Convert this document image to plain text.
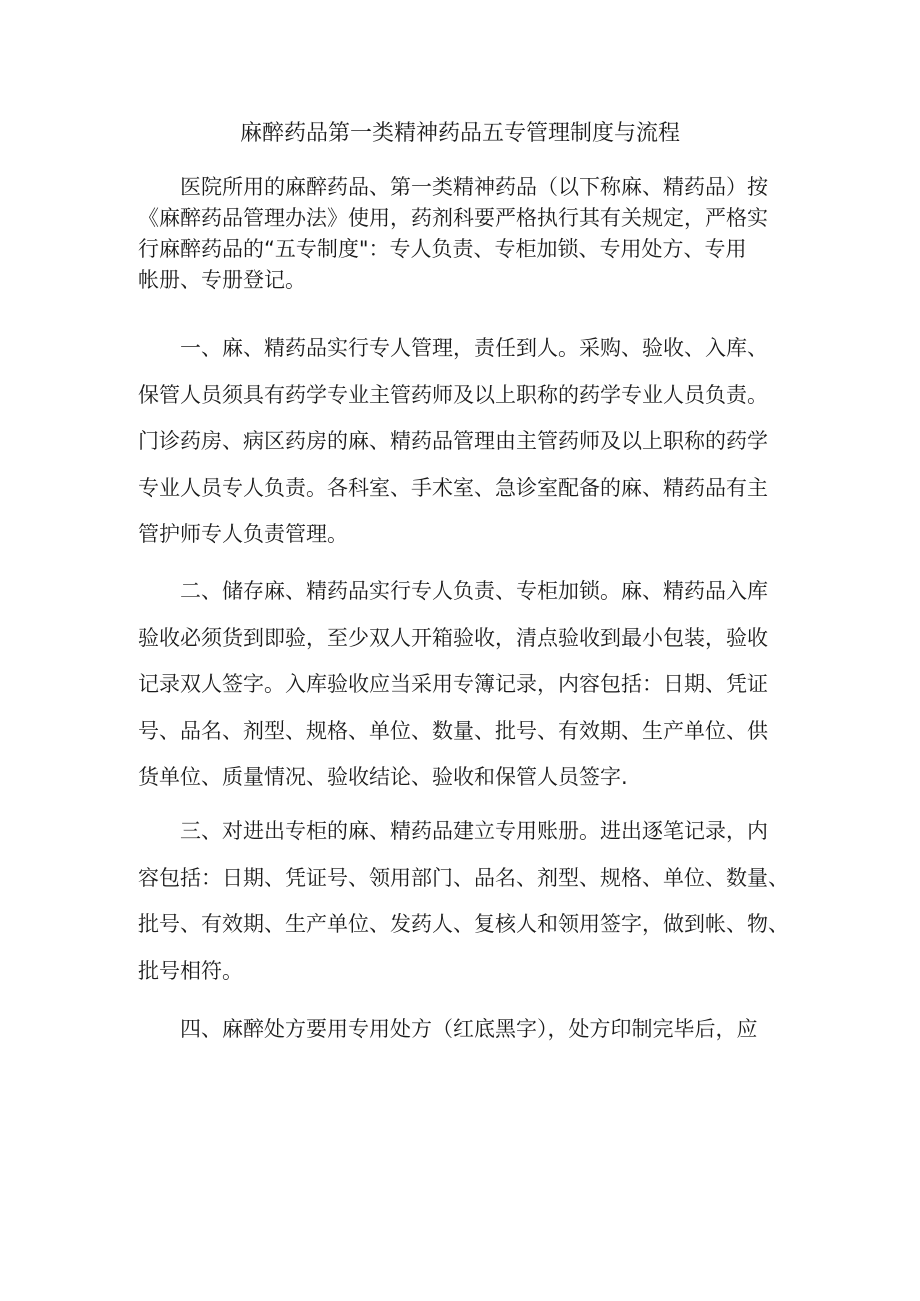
麻醉药品第一类精神药品五专管理制度与流程
医院所用的麻醉药品、第一类精神药品（以下称麻、精药品）按
《麻醉药品管理办法》使用，药剂科要严格执行其有关规定，严格实
行麻醉药品的“五专制度"：专人负责、专柜加锁、专用处方、专用
帐册、专册登记。
一、麻、精药品实行专人管理，责任到人。采购、验收、入库、
保管人员须具有药学专业主管药师及以上职称的药学专业人员负责。
门诊药房、病区药房的麻、精药品管理由主管药师及以上职称的药学
专业人员专人负责。各科室、手术室、急诊室配备的麻、精药品有主
管护师专人负责管理。
二、储存麻、精药品实行专人负责、专柜加锁。麻、精药品入库
验收必须货到即验，至少双人开箱验收，清点验收到最小包装，验收
记录双人签字。入库验收应当采用专簿记录，内容包括：日期、凭证
号、品名、剂型、规格、单位、数量、批号、有效期、生产单位、供
货单位、质量情况、验收结论、验收和保管人员签字.
三、对进出专柜的麻、精药品建立专用账册。进出逐笔记录，内
容包括：日期、凭证号、领用部门、品名、剂型、规格、单位、数量、
批号、有效期、生产单位、发药人、复核人和领用签字，做到帐、物、
批号相符。
四、麻醉处方要用专用处方（红底黑字），处方印制完毕后，应
